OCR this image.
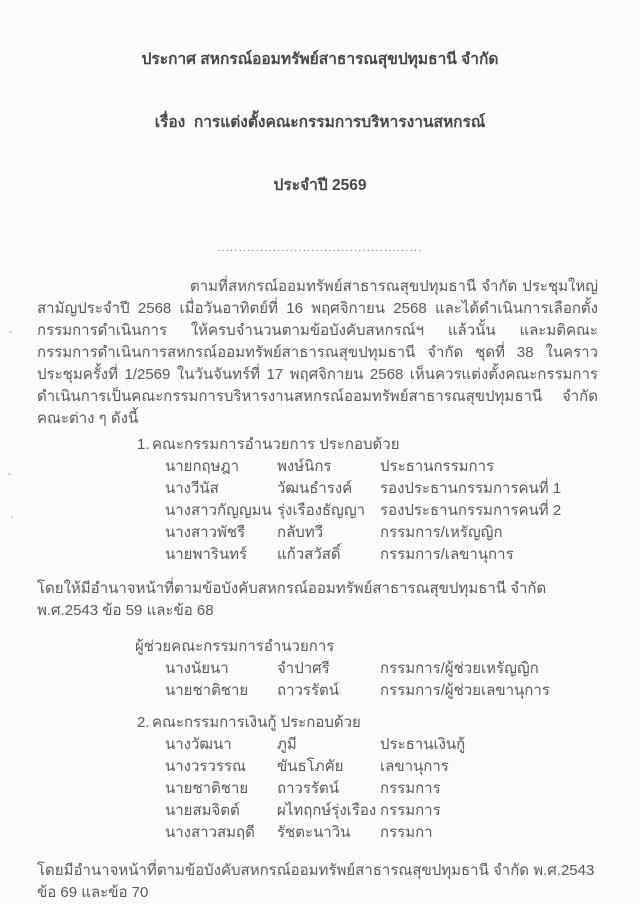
ประกาศ สหกรณ์ออมทรัพย์สาธารณสุขปทุมธานี จำกัด

เรื่อง  การแต่งตั้งคณะกรรมการบริหารงานสหกรณ์

ประจำปี 2569

................................................
ตามที่สหกรณ์ออมทรัพย์สาธารณสุขปทุมธานี จำกัด ประชุมใหญ่สามัญประจำปี 2568 เมื่อวันอาทิตย์ที่ 16 พฤศจิกายน 2568 และได้ดำเนินการเลือกตั้ง กรรมการดำเนินการ ให้ครบจำนวนตามข้อบังคับสหกรณ์ฯ แล้วนั้น และมติคณะกรรมการดำเนินการสหกรณ์ออมทรัพย์สาธารณสุขปทุมธานี จำกัด ชุดที่ 38 ในคราวประชุมครั้งที่ 1/2569 ในวันจันทร์ที่ 17 พฤศจิกายน 2568 เห็นควรแต่งตั้งคณะกรรมการดำเนินการเป็นคณะกรรมการบริหารงานสหกรณ์ออมทรัพย์สาธารณสุขปทุมธานี จำกัด คณะต่าง ๆ ดังนี้
1. คณะกรรมการอำนวยการ ประกอบด้วย
นายกฤษฎา	พงษ์นิกร	ประธานกรรมการ
นางวีนัส	วัฒนธำรงค์	รองประธานกรรมการคนที่ 1
นางสาวกัญญมน รุ่งเรืองธัญญา รองประธานกรรมการคนที่ 2
นางสาวพัชรี	กลับทวี	กรรมการ/เหรัญญิก
นายพารินทร์	แก้วสวัสดิ์	กรรมการ/เลขานุการ
โดยให้มีอำนาจหน้าที่ตามข้อบังคับสหกรณ์ออมทรัพย์สาธารณสุขปทุมธานี จำกัด พ.ศ.2543 ข้อ 59 และข้อ 68
ผู้ช่วยคณะกรรมการอำนวยการ
นางนัยนา	จำปาศรี	กรรมการ/ผู้ช่วยเหรัญญิก
นายชาติชาย	ถาวรรัตน์	กรรมการ/ผู้ช่วยเลขานุการ
2. คณะกรรมการเงินกู้ ประกอบด้วย
นางวัฒนา	ภูมี	ประธานเงินกู้
นางวรวรรณ	ขันธโภคัย	เลขานุการ
นายชาติชาย	ถาวรรัตน์	กรรมการ
นายสมจิตต์	ผไทฤกษ์รุ่งเรือง กรรมการ
นางสาวสมฤดี	รัชตะนาวิน	กรรมกา
โดยมีอำนาจหน้าที่ตามข้อบังคับสหกรณ์ออมทรัพย์สาธารณสุขปทุมธานี จำกัด พ.ศ.2543 ข้อ 69 และข้อ 70
